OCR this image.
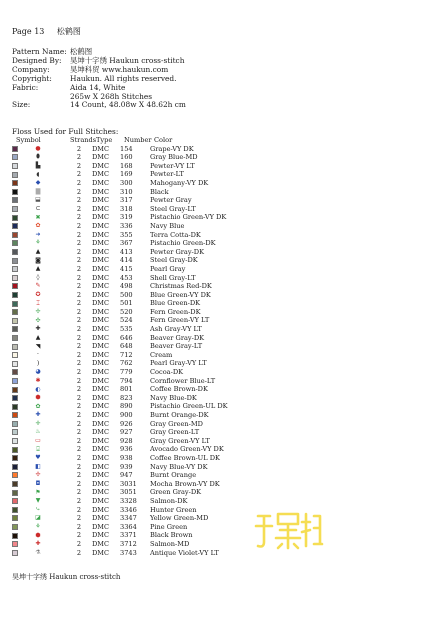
Page 13 松鹤图
Pattern Name: 松鹤图
Designed By:	昊坤十字绣 Haukun cross-stitch
Company:	昊坤科贸 www.haukun.com
Copyright:	Haukun. All rights reserved.
Fabric:	Aida 14, White
265w X 268h Stitches
Size:	14 Count, 48.08w X 48.62h cm
Floss Used for Full Stitches:
Symbol	Strands Type	Number Color
●	2	DMC	154	Grape-VY DK
⬮	2	DMC	160	Gray Blue-MD
▙	2	DMC	168	Pewter-VY LT
◖	2	DMC	169	Pewter-LT
◆	2	DMC	300	Mahogany-VY DK
▇	2	DMC	310	Black
⬓	2	DMC	317	Pewter Gray
⊂	2	DMC	318	Steel Gray-LT
✖	2	DMC	319	Pistachio Green-VY DK
✿	2	DMC	336	Navy Blue
➜	2	DMC	355	Terra Cotta-DK
⚘	2	DMC	367	Pistachio Green-DK
▲	2	DMC	413	Pewter Gray-DK
◙	2	DMC	414	Steel Gray-DK
▲	2	DMC	415	Pearl Gray
◊	2	DMC	453	Shell Gray-LT
✎	2	DMC	498	Christmas Red-DK
✪	2	DMC	500	Blue Green-VY DK
⌶	2	DMC	501	Blue Green-DK
✢	2	DMC	520	Fern Green-DK
✣	2	DMC	524	Fern Green-VY LT
✚	2	DMC	535	Ash Gray-VY LT
▲	2	DMC	646	Beaver Gray-DK
◥	2	DMC	648	Beaver Gray-LT
·	2	DMC	712	Cream
)	2	DMC	762	Pearl Gray-VY LT
◕	2	DMC	779	Cocoa-DK
✱	2	DMC	794	Cornflower Blue-LT
◐	2	DMC	801	Coffee Brown-DK
⬢	2	DMC	823	Navy Blue-DK
✿	2	DMC	890	Pistachio Green-UL DK
✚	2	DMC	900	Burnt Orange-DK
✛	2	DMC	926	Gray Green-MD
♨	2	DMC	927	Gray Green-LT
▭	2	DMC	928	Gray Green-VY LT
⍓	2	DMC	936	Avocado Green-VY DK
♥	2	DMC	938	Coffee Brown-UL DK
◧	2	DMC	939	Navy Blue-VY DK
✢	2	DMC	947	Burnt Orange
◘	2	DMC	3031	Mocha Brown-VY DK
⚑	2	DMC	3051	Green Gray-DK
▼	2	DMC	3328	Salmon-DK
⤷	2	DMC	3346	Hunter Green
◪	2	DMC	3347	Yellow Green-MD
⚘	2	DMC	3364	Pine Green
⬢	2	DMC	3371	Black Brown
✚	2	DMC	3712	Salmon-MD
⚗	2	DMC	3743	Antique Violet-VY LT
昊坤十字绣 Haukun cross-stitch
